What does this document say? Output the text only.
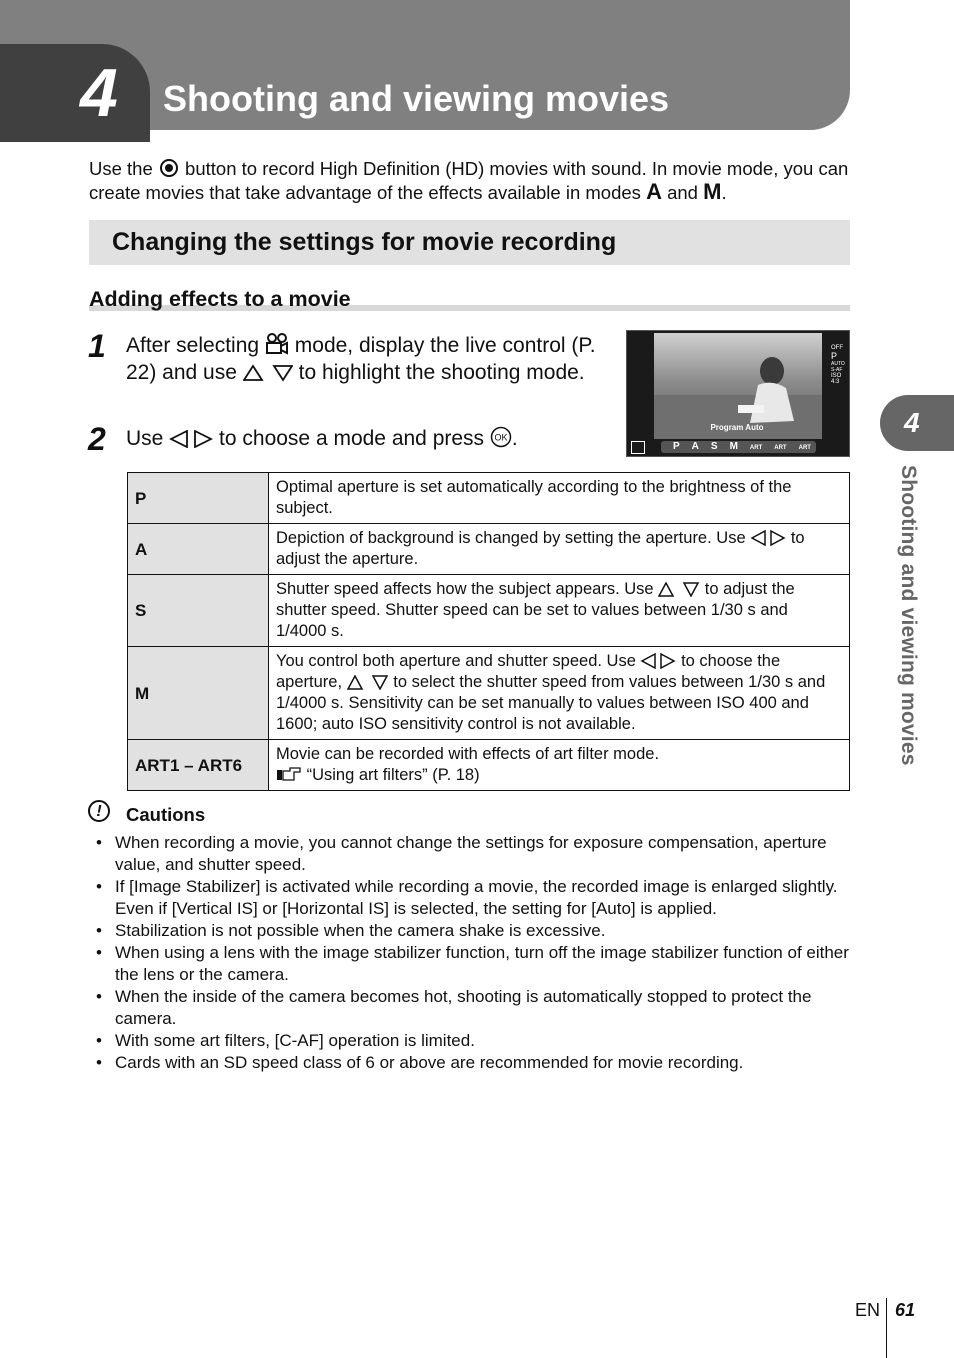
4 Shooting and viewing movies
Use the button to record High Definition (HD) movies with sound. In movie mode, you can create movies that take advantage of the effects available in modes A and M.
Changing the settings for movie recording
Adding effects to a movie
1 After selecting mode, display the live control (P. 22) and use	to highlight the shooting mode.
2 Use	to choose a mode and press OK .	Program Auto
P A S M ART ART ART
OFF
P
AUTO
S-AF
ISO
4:3
P	Optimal aperture is set automatically according to the brightness of the subject.
A	Depiction of background is changed by setting the aperture. Use to adjust the aperture.
S	Shutter speed affects how the subject appears. Use to adjust the shutter speed. Shutter speed can be set to values between 1/30 s and 1/4000 s.
M	You control both aperture and shutter speed. Use to choose the aperture, to select the shutter speed from values between 1/30 s and 1/4000 s. Sensitivity can be set manually to values between ISO 400 and 1600; auto ISO sensitivity control is not available.
ART1 – ART6	Movie can be recorded with effects of art filter mode.
“Using art filters” (P. 18)
!	Cautions
• When recording a movie, you cannot change the settings for exposure compensation, aperture value, and shutter speed.
• If [Image Stabilizer] is activated while recording a movie, the recorded image is enlarged slightly. Even if [Vertical IS] or [Horizontal IS] is selected, the setting for [Auto] is applied.
• Stabilization is not possible when the camera shake is excessive.
• When using a lens with the image stabilizer function, turn off the image stabilizer function of either the lens or the camera.
• When the inside of the camera becomes hot, shooting is automatically stopped to protect the camera.
• With some art filters, [C-AF] operation is limited.
• Cards with an SD speed class of 6 or above are recommended for movie recording.
4
Shooting and viewing movies
EN 61
